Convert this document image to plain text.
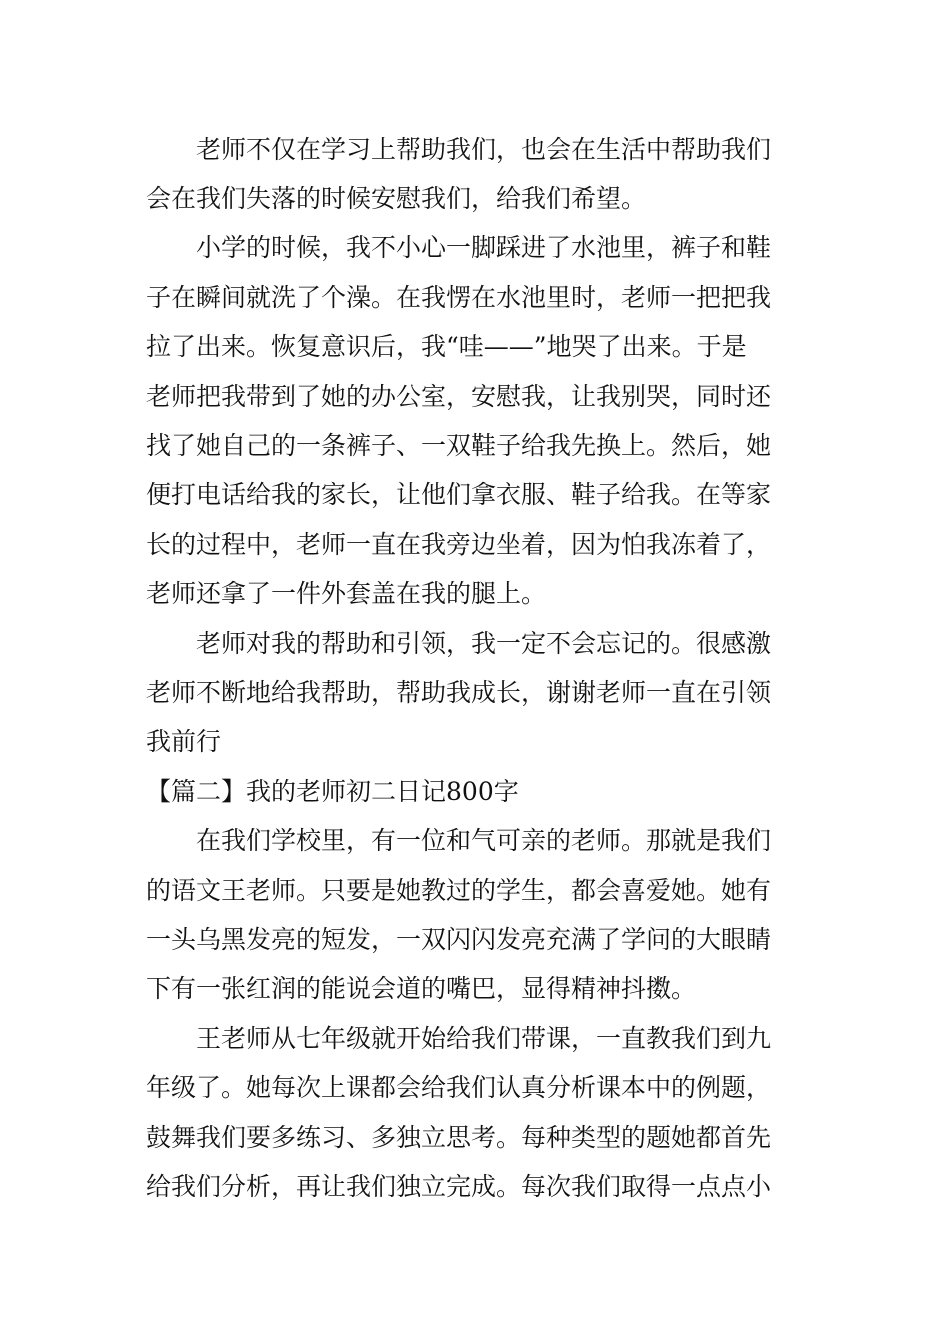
老师不仅在学习上帮助我们，也会在生活中帮助我们
会在我们失落的时候安慰我们，给我们希望。
小学的时候，我不小心一脚踩进了水池里，裤子和鞋
子在瞬间就洗了个澡。在我愣在水池里时，老师一把把我
拉了出来。恢复意识后，我“哇——”地哭了出来。于是
老师把我带到了她的办公室，安慰我，让我别哭，同时还
找了她自己的一条裤子、一双鞋子给我先换上。然后，她
便打电话给我的家长，让他们拿衣服、鞋子给我。在等家
长的过程中，老师一直在我旁边坐着，因为怕我冻着了，
老师还拿了一件外套盖在我的腿上。
老师对我的帮助和引领，我一定不会忘记的。很感激
老师不断地给我帮助，帮助我成长，谢谢老师一直在引领
我前行
【篇二】我的老师初二日记800字
在我们学校里，有一位和气可亲的老师。那就是我们
的语文王老师。只要是她教过的学生，都会喜爱她。她有
一头乌黑发亮的短发，一双闪闪发亮充满了学问的大眼睛
下有一张红润的能说会道的嘴巴，显得精神抖擞。
王老师从七年级就开始给我们带课，一直教我们到九
年级了。她每次上课都会给我们认真分析课本中的例题，
鼓舞我们要多练习、多独立思考。每种类型的题她都首先
给我们分析，再让我们独立完成。每次我们取得一点点小
